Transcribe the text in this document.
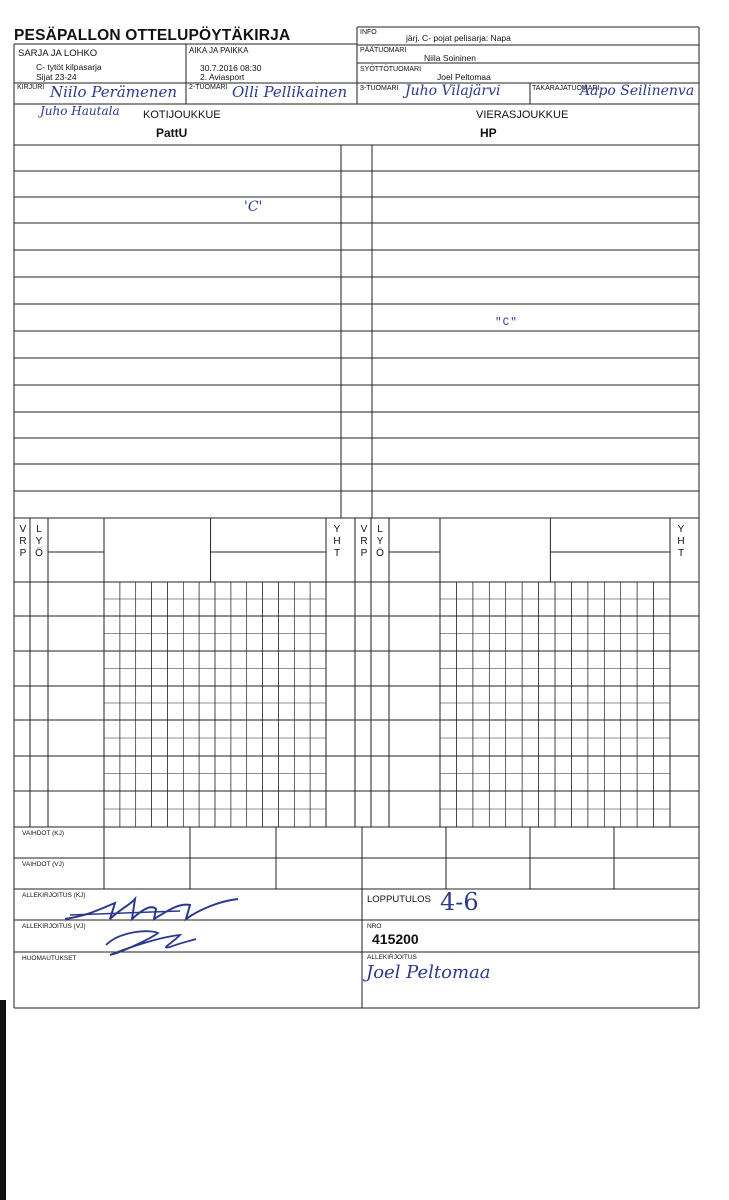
PESÄPALLON OTTELUPÖYTÄKIRJA
SARJA JA LOHKO
C- tytöt kilpasarja
Sijat 23-24
AIKA JA PAIKKA
30.7.2016 08:30
2. Aviasport
KIRJURI Niilo Perämenen 2-TUOMARI Olli Pellikainen
INFO
järj. C- pojat pelisarja: Napa
PÄÄTUOMARI
Niila Soininen
SYÖTTÖTUOMARI
Joel Peltomaa
3-TUOMARI Juho Vilajärvi	TAKARAJATUOMARI
Aapo Seilinenva
Juho Hautala KOTIJOUKKUE
PattU
VIERASJOUKKUE
HP
'C'
"C"
V
R
P
L
Y
Ö
Y
H
T
V
R
P
L
Y
Ö
Y
H
T
VAIHDOT (KJ)
VAIHDOT (VJ)
ALLEKIRJOITUS (KJ)
ALLEKIRJOITUS (VJ)
HUOMAUTUKSET
LOPPUTULOS 4-6
NRO
415200
ALLEKIRJOITUS
Joel Peltomaa
